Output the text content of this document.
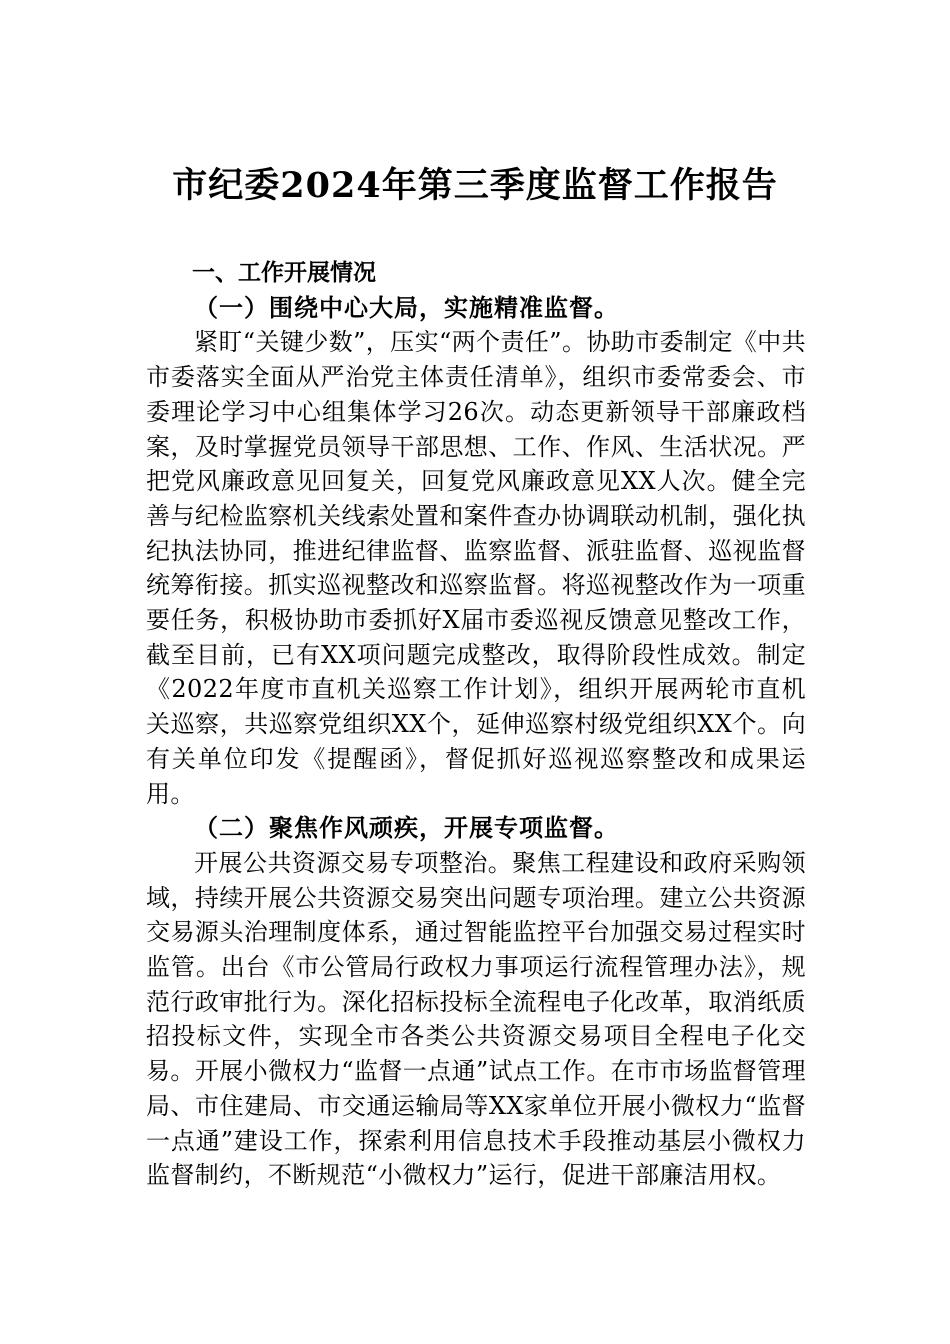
市纪委2024年第三季度监督工作报告

一、工作开展情况

（一）围绕中心大局，实施精准监督。

紧盯“关键少数”，压实“两个责任”。协助市委制定《中共市委落实全面从严治党主体责任清单》，组织市委常委会、市委理论学习中心组集体学习26次。动态更新领导干部廉政档案，及时掌握党员领导干部思想、工作、作风、生活状况。严把党风廉政意见回复关，回复党风廉政意见XX人次。健全完善与纪检监察机关线索处置和案件查办协调联动机制，强化执纪执法协同，推进纪律监督、监察监督、派驻监督、巡视监督统筹衔接。抓实巡视整改和巡察监督。将巡视整改作为一项重要任务，积极协助市委抓好X届市委巡视反馈意见整改工作，截至目前，已有XX项问题完成整改，取得阶段性成效。制定《2022年度市直机关巡察工作计划》，组织开展两轮市直机关巡察，共巡察党组织XX个，延伸巡察村级党组织XX个。向有关单位印发《提醒函》，督促抓好巡视巡察整改和成果运用。

（二）聚焦作风顽疾，开展专项监督。

开展公共资源交易专项整治。聚焦工程建设和政府采购领域，持续开展公共资源交易突出问题专项治理。建立公共资源交易源头治理制度体系，通过智能监控平台加强交易过程实时监管。出台《市公管局行政权力事项运行流程管理办法》，规范行政审批行为。深化招标投标全流程电子化改革，取消纸质招投标文件，实现全市各类公共资源交易项目全程电子化交易。开展小微权力“监督一点通”试点工作。在市市场监督管理局、市住建局、市交通运输局等XX家单位开展小微权力“监督一点通”建设工作，探索利用信息技术手段推动基层小微权力监督制约，不断规范“小微权力”运行，促进干部廉洁用权。
